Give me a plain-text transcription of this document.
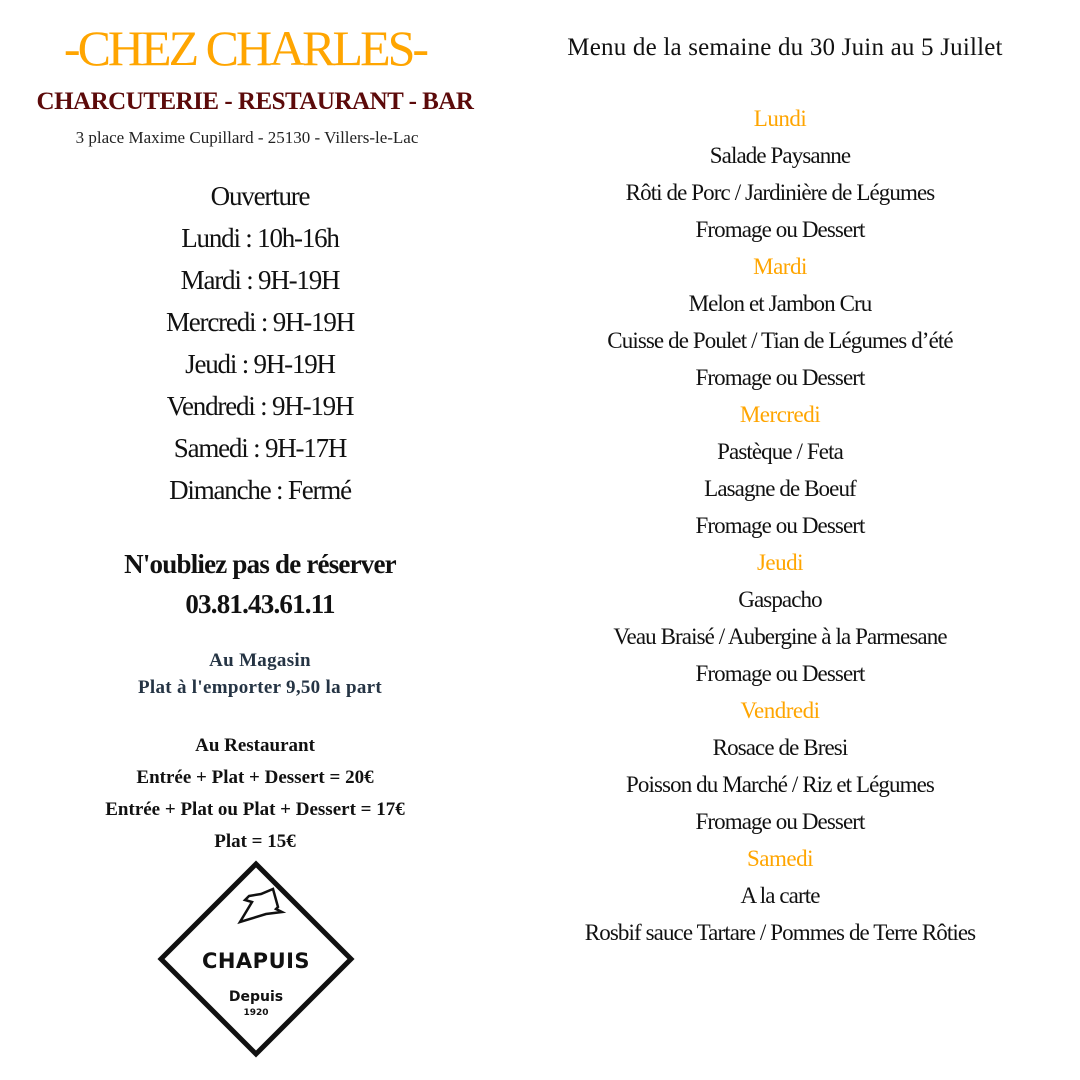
-CHEZ CHARLES-
CHARCUTERIE - RESTAURANT - BAR
3 place Maxime Cupillard - 25130 - Villers-le-Lac
Ouverture
Lundi : 10h-16h
Mardi : 9H-19H
Mercredi : 9H-19H
Jeudi : 9H-19H
Vendredi : 9H-19H
Samedi : 9H-17H
Dimanche : Fermé
N'oubliez pas de réserver
03.81.43.61.11
Au Magasin
Plat à l'emporter 9,50 la part
Au Restaurant
Entrée + Plat + Dessert = 20€
Entrée + Plat ou Plat + Dessert = 17€
Plat = 15€
CHAPUIS
Depuis
1920
Menu de la semaine du 30 Juin au 5 Juillet
Lundi
Salade Paysanne
Rôti de Porc / Jardinière de Légumes
Fromage ou Dessert
Mardi
Melon et Jambon Cru
Cuisse de Poulet / Tian de Légumes d’été
Fromage ou Dessert
Mercredi
Pastèque / Feta
Lasagne de Boeuf
Fromage ou Dessert
Jeudi
Gaspacho
Veau Braisé / Aubergine à la Parmesane
Fromage ou Dessert
Vendredi
Rosace de Bresi
Poisson du Marché / Riz et Légumes
Fromage ou Dessert
Samedi
A la carte
Rosbif sauce Tartare / Pommes de Terre Rôties
